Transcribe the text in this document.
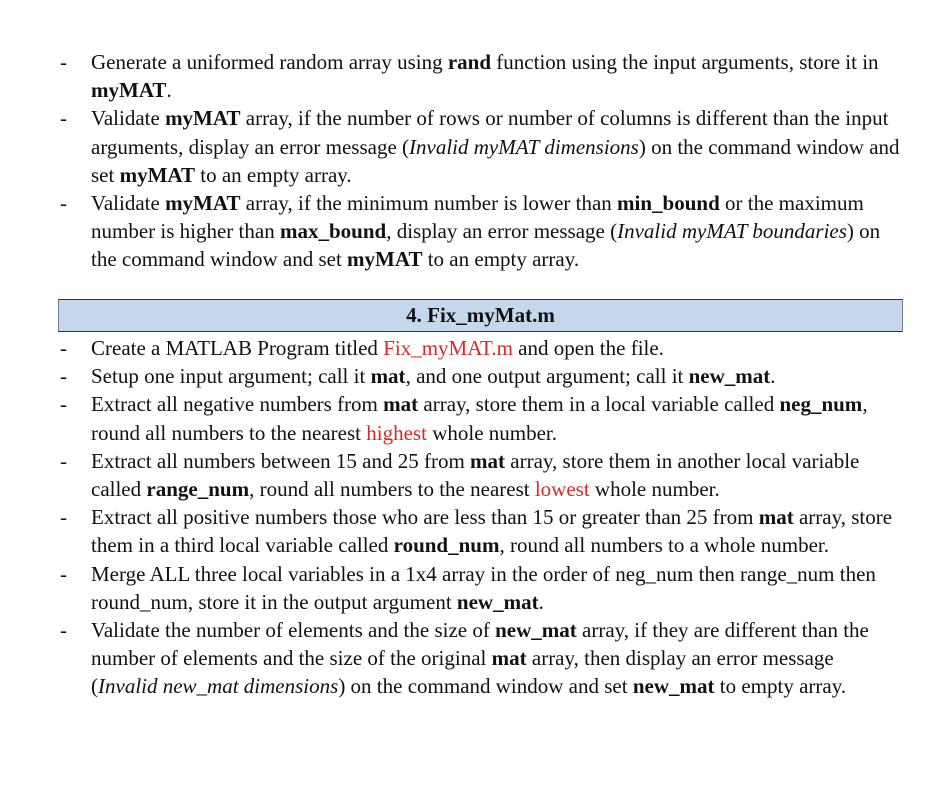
- Generate a uniformed random array using rand function using the input arguments, store it in myMAT.
- Validate myMAT array, if the number of rows or number of columns is different than the input arguments, display an error message (Invalid myMAT dimensions) on the command window and set myMAT to an empty array.
- Validate myMAT array, if the minimum number is lower than min_bound or the maximum number is higher than max_bound, display an error message (Invalid myMAT boundaries) on the command window and set myMAT to an empty array.
4. Fix_myMat.m
- Create a MATLAB Program titled Fix_myMAT.m and open the file.
- Setup one input argument; call it mat, and one output argument; call it new_mat.
- Extract all negative numbers from mat array, store them in a local variable called neg_num, round all numbers to the nearest highest whole number.
- Extract all numbers between 15 and 25 from mat array, store them in another local variable called range_num, round all numbers to the nearest lowest whole number.
- Extract all positive numbers those who are less than 15 or greater than 25 from mat array, store them in a third local variable called round_num, round all numbers to a whole number.
- Merge ALL three local variables in a 1x4 array in the order of neg_num then range_num then round_num, store it in the output argument new_mat.
- Validate the number of elements and the size of new_mat array, if they are different than the number of elements and the size of the original mat array, then display an error message (Invalid new_mat dimensions) on the command window and set new_mat to empty array.
